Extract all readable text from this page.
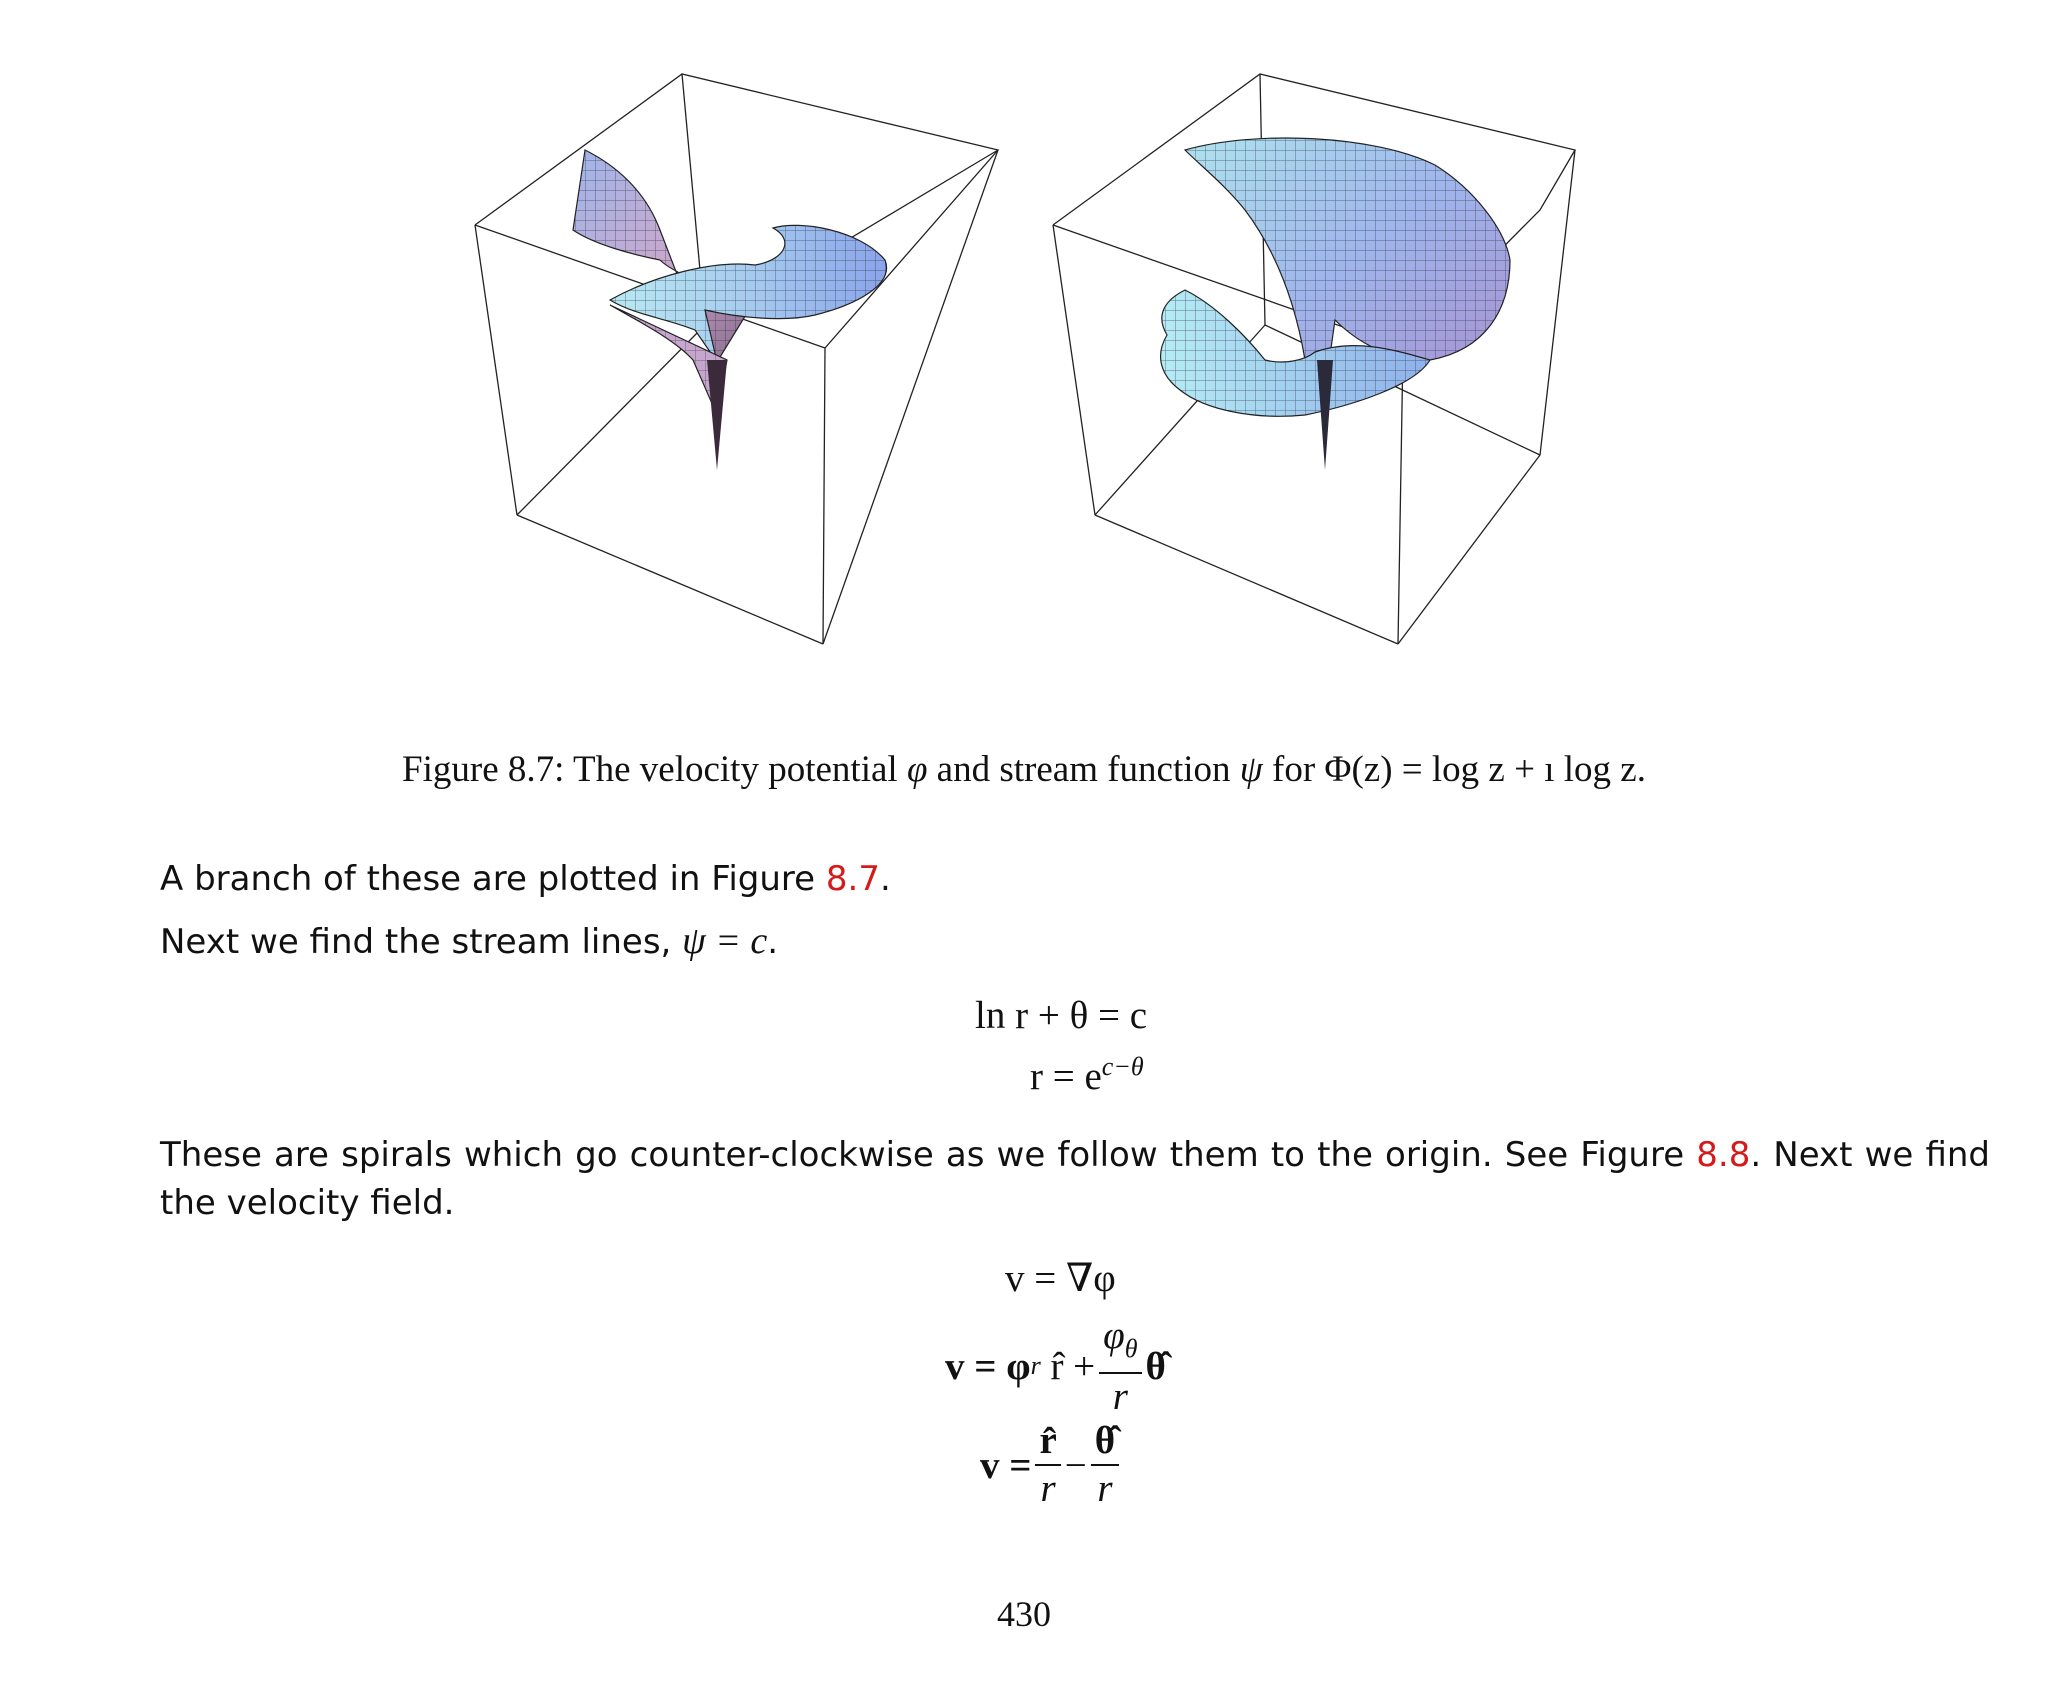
Figure 8.7: The velocity potential φ and stream function ψ for Φ(z) = log z + ı log z.
A branch of these are plotted in Figure 8.7.
Next we find the stream lines, ψ = c.
ln r + θ = c
$r = e^{c-\theta}$
These are spirals which go counter-clockwise as we follow them to the origin. See Figure 8.8. Next we find the velocity field.
v = ∇φ
v = φ r
r̂ + $\frac{\varphi_\theta}{r}$ θ̂
$v = \frac{r̂}{r} - \frac{\thetâ}{r}$
430
